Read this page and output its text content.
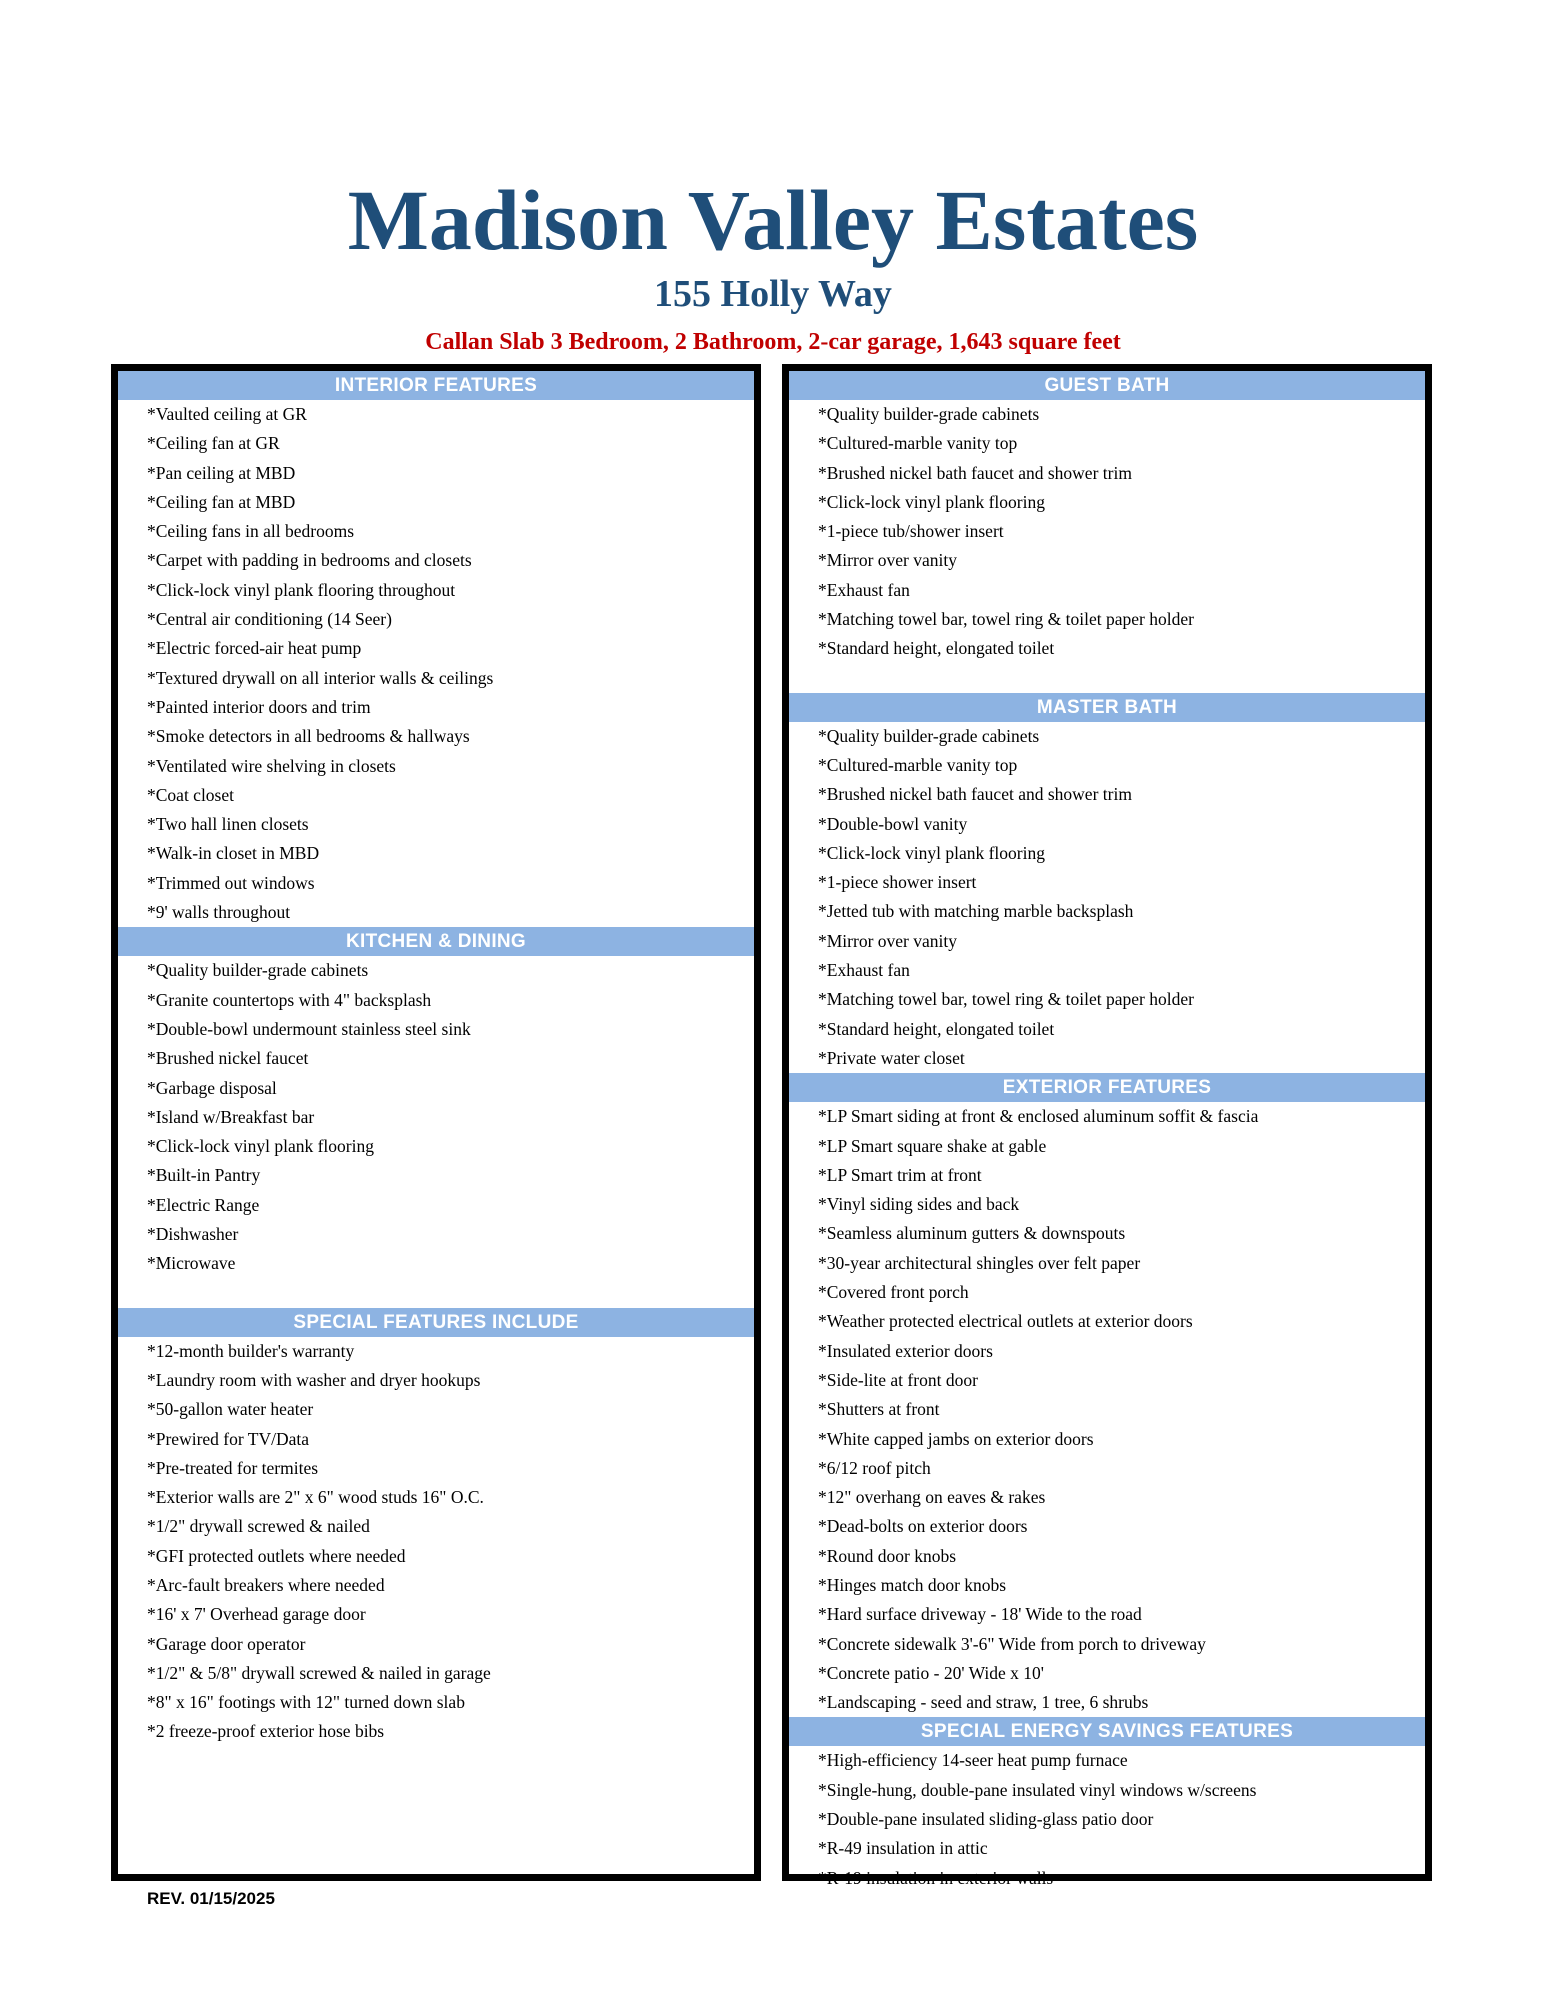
Madison Valley Estates
155 Holly Way
Callan Slab 3 Bedroom, 2 Bathroom, 2-car garage, 1,643 square feet
INTERIOR FEATURES
*Vaulted ceiling at GR
*Ceiling fan at GR
*Pan ceiling at MBD
*Ceiling fan at MBD
*Ceiling fans in all bedrooms
*Carpet with padding in bedrooms and closets
*Click-lock vinyl plank flooring throughout
*Central air conditioning (14 Seer)
*Electric forced-air heat pump
*Textured drywall on all interior walls & ceilings
*Painted interior doors and trim
*Smoke detectors in all bedrooms & hallways
*Ventilated wire shelving in closets
*Coat closet
*Two hall linen closets
*Walk-in closet in MBD
*Trimmed out windows
*9' walls throughout
KITCHEN & DINING
*Quality builder-grade cabinets
*Granite countertops with 4" backsplash
*Double-bowl undermount stainless steel sink
*Brushed nickel faucet
*Garbage disposal
*Island w/Breakfast bar
*Click-lock vinyl plank flooring
*Built-in Pantry
*Electric Range
*Dishwasher
*Microwave
SPECIAL FEATURES INCLUDE
*12-month builder's warranty
*Laundry room with washer and dryer hookups
*50-gallon water heater
*Prewired for TV/Data
*Pre-treated for termites
*Exterior walls are 2" x 6" wood studs 16" O.C.
*1/2" drywall screwed & nailed
*GFI protected outlets where needed
*Arc-fault breakers where needed
*16' x 7' Overhead garage door
*Garage door operator
*1/2" & 5/8" drywall screwed & nailed in garage
*8" x 16" footings with 12" turned down slab
*2 freeze-proof exterior hose bibs
GUEST BATH
*Quality builder-grade cabinets
*Cultured-marble vanity top
*Brushed nickel bath faucet and shower trim
*Click-lock vinyl plank flooring
*1-piece tub/shower insert
*Mirror over vanity
*Exhaust fan
*Matching towel bar, towel ring & toilet paper holder
*Standard height, elongated toilet
MASTER BATH
*Quality builder-grade cabinets
*Cultured-marble vanity top
*Brushed nickel bath faucet and shower trim
*Double-bowl vanity
*Click-lock vinyl plank flooring
*1-piece shower insert
*Jetted tub with matching marble backsplash
*Mirror over vanity
*Exhaust fan
*Matching towel bar, towel ring & toilet paper holder
*Standard height, elongated toilet
*Private water closet
EXTERIOR FEATURES
*LP Smart siding at front & enclosed aluminum soffit & fascia
*LP Smart square shake at gable
*LP Smart trim at front
*Vinyl siding sides and back
*Seamless aluminum gutters & downspouts
*30-year architectural shingles over felt paper
*Covered front porch
*Weather protected electrical outlets at exterior doors
*Insulated exterior doors
*Side-lite at front door
*Shutters at front
*White capped jambs on exterior doors
*6/12 roof pitch
*12" overhang on eaves & rakes
*Dead-bolts on exterior doors
*Round door knobs
*Hinges match door knobs
*Hard surface driveway - 18' Wide to the road
*Concrete sidewalk 3'-6" Wide from porch to driveway
*Concrete patio - 20' Wide x 10'
*Landscaping - seed and straw, 1 tree, 6 shrubs
SPECIAL ENERGY SAVINGS FEATURES
*High-efficiency 14-seer heat pump furnace
*Single-hung, double-pane insulated vinyl windows w/screens
*Double-pane insulated sliding-glass patio door
*R-49 insulation in attic
*R-19 insulation in exterior walls
REV. 01/15/2025
